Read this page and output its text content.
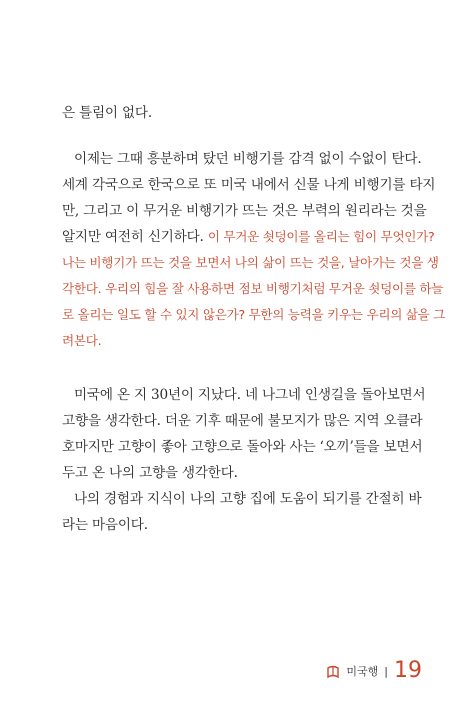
은 틀림이 없다.
이제는 그때 흥분하며 탔던 비행기를 감격 없이 수없이 탄다.
세계 각국으로 한국으로 또 미국 내에서 신물 나게 비행기를 타지
만, 그리고 이 무거운 비행기가 뜨는 것은 부력의 원리라는 것을
알지만 여전히 신기하다. 이 무거운 쇳덩이를 올리는 힘이 무엇인가?
나는 비행기가 뜨는 것을 보면서 나의 삶이 뜨는 것을, 날아가는 것을 생
각한다. 우리의 힘을 잘 사용하면 점보 비행기처럼 무거운 쇳덩이를 하늘
로 올리는 일도 할 수 있지 않은가? 무한의 능력을 키우는 우리의 삶을 그
려본다.
미국에 온 지 30년이 지났다. 네 나그네 인생길을 돌아보면서
고향을 생각한다. 더운 기후 때문에 불모지가 많은 지역 오클라
호마지만 고향이 좋아 고향으로 돌아와 사는 ‘오끼’들을 보면서
두고 온 나의 고향을 생각한다.
나의 경험과 지식이 나의 고향 집에 도움이 되기를 간절히 바
라는 마음이다.
미국행 | 19
